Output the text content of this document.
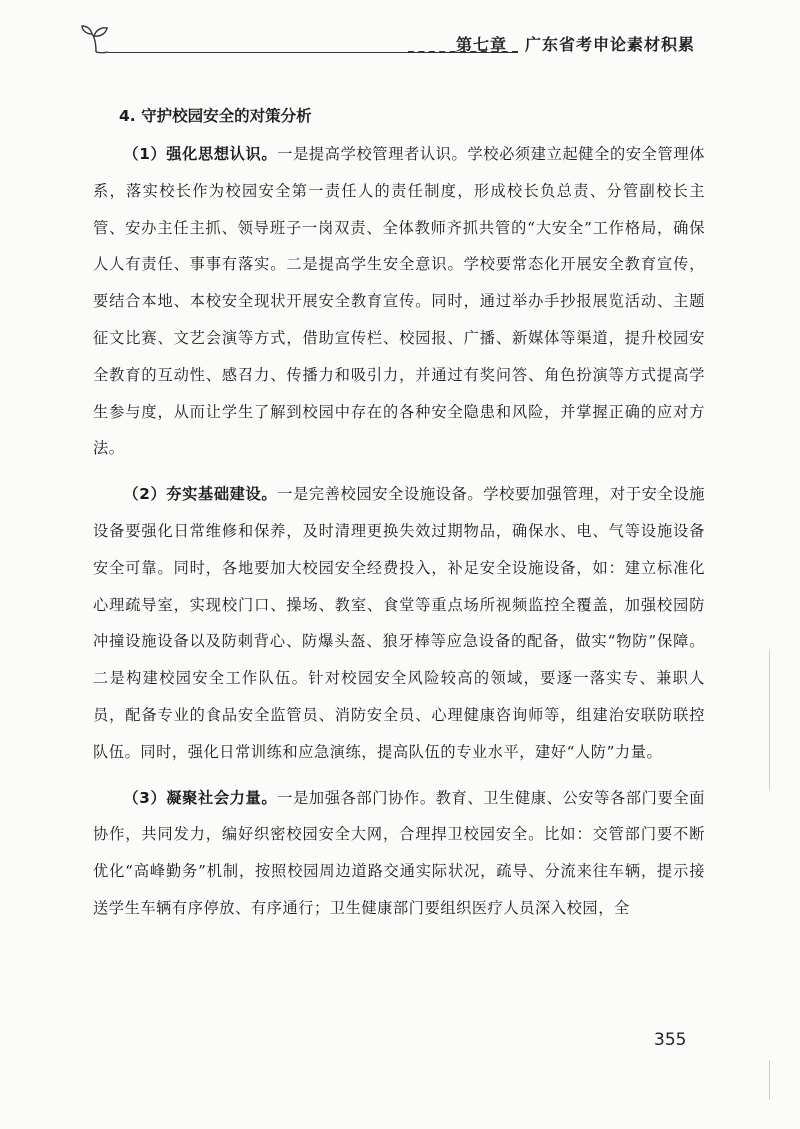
第七章 广东省考申论素材积累
4. 守护校园安全的对策分析

（1）强化思想认识。一是提高学校管理者认识。学校必须建立起健全的安全管理体系，落实校长作为校园安全第一责任人的责任制度，形成校长负总责、分管副校长主管、安办主任主抓、领导班子一岗双责、全体教师齐抓共管的“大安全”工作格局，确保人人有责任、事事有落实。二是提高学生安全意识。学校要常态化开展安全教育宣传，要结合本地、本校安全现状开展安全教育宣传。同时，通过举办手抄报展览活动、主题征文比赛、文艺会演等方式，借助宣传栏、校园报、广播、新媒体等渠道，提升校园安全教育的互动性、感召力、传播力和吸引力，并通过有奖问答、角色扮演等方式提高学生参与度，从而让学生了解到校园中存在的各种安全隐患和风险，并掌握正确的应对方法。

（2）夯实基础建设。一是完善校园安全设施设备。学校要加强管理，对于安全设施设备要强化日常维修和保养，及时清理更换失效过期物品，确保水、电、气等设施设备安全可靠。同时，各地要加大校园安全经费投入，补足安全设施设备，如：建立标准化心理疏导室，实现校门口、操场、教室、食堂等重点场所视频监控全覆盖，加强校园防冲撞设施设备以及防刺背心、防爆头盔、狼牙棒等应急设备的配备，做实“物防”保障。二是构建校园安全工作队伍。针对校园安全风险较高的领域，要逐一落实专、兼职人员，配备专业的食品安全监管员、消防安全员、心理健康咨询师等，组建治安联防联控队伍。同时，强化日常训练和应急演练，提高队伍的专业水平，建好“人防”力量。

（3）凝聚社会力量。一是加强各部门协作。教育、卫生健康、公安等各部门要全面协作，共同发力，编好织密校园安全大网，合理捍卫校园安全。比如：交管部门要不断优化“高峰勤务”机制，按照校园周边道路交通实际状况，疏导、分流来往车辆，提示接送学生车辆有序停放、有序通行；卫生健康部门要组织医疗人员深入校园，全

355
